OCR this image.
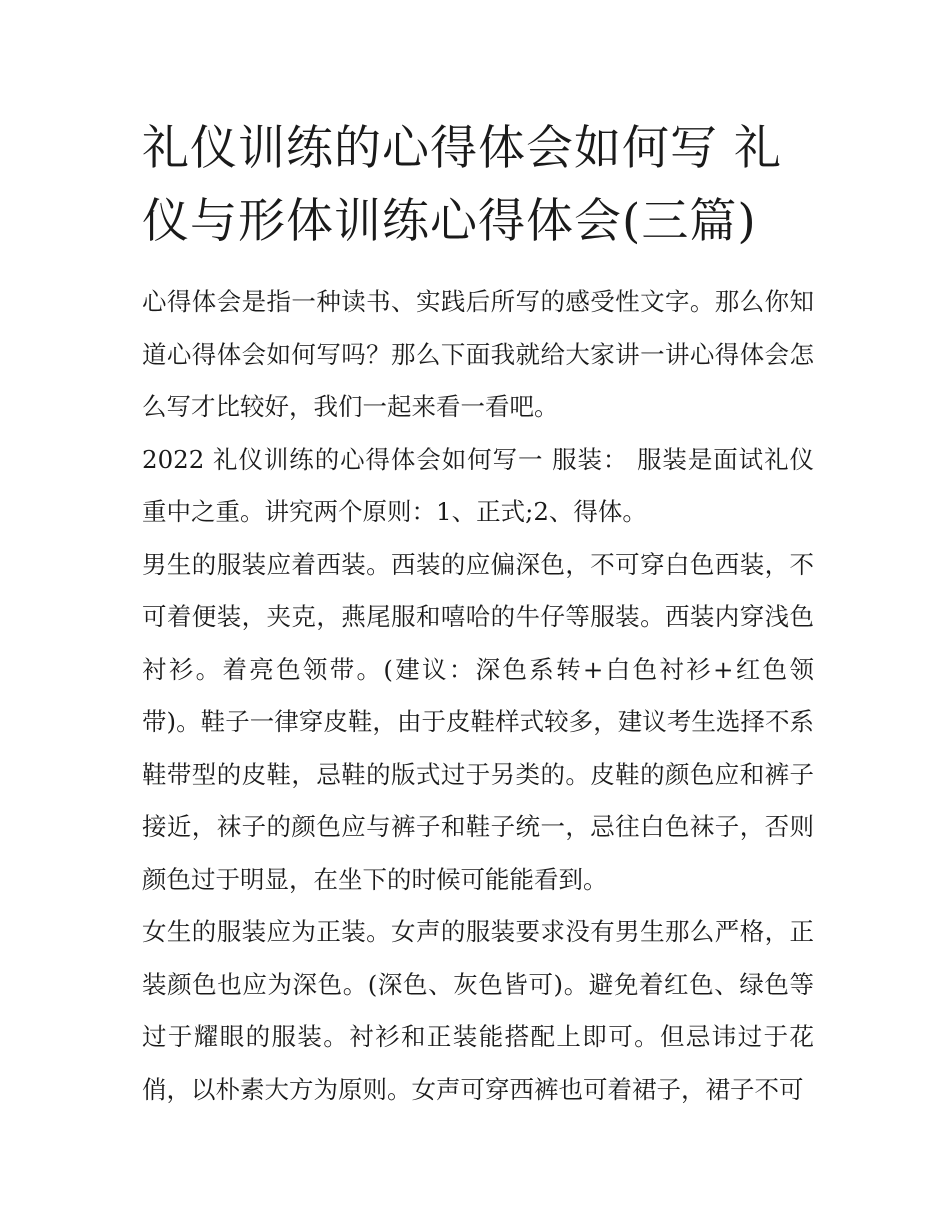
礼仪训练的心得体会如何写 礼仪与形体训练心得体会(三篇)

心得体会是指一种读书、实践后所写的感受性文字。那么你知道心得体会如何写吗？那么下面我就给大家讲一讲心得体会怎么写才比较好，我们一起来看一看吧。

2022 礼仪训练的心得体会如何写一 服装： 服装是面试礼仪重中之重。讲究两个原则：1、正式;2、得体。

男生的服装应着西装。西装的应偏深色，不可穿白色西装，不可着便装，夹克，燕尾服和嘻哈的牛仔等服装。西装内穿浅色衬衫。着亮色领带。(建议：深色系转+白色衬衫+红色领带)。鞋子一律穿皮鞋，由于皮鞋样式较多，建议考生选择不系鞋带型的皮鞋，忌鞋的版式过于另类的。皮鞋的颜色应和裤子接近，袜子的颜色应与裤子和鞋子统一，忌往白色袜子，否则颜色过于明显，在坐下的时候可能能看到。

女生的服装应为正装。女声的服装要求没有男生那么严格，正装颜色也应为深色。(深色、灰色皆可)。避免着红色、绿色等过于耀眼的服装。衬衫和正装能搭配上即可。但忌讳过于花俏，以朴素大方为原则。女声可穿西裤也可着裙子，裙子不可
